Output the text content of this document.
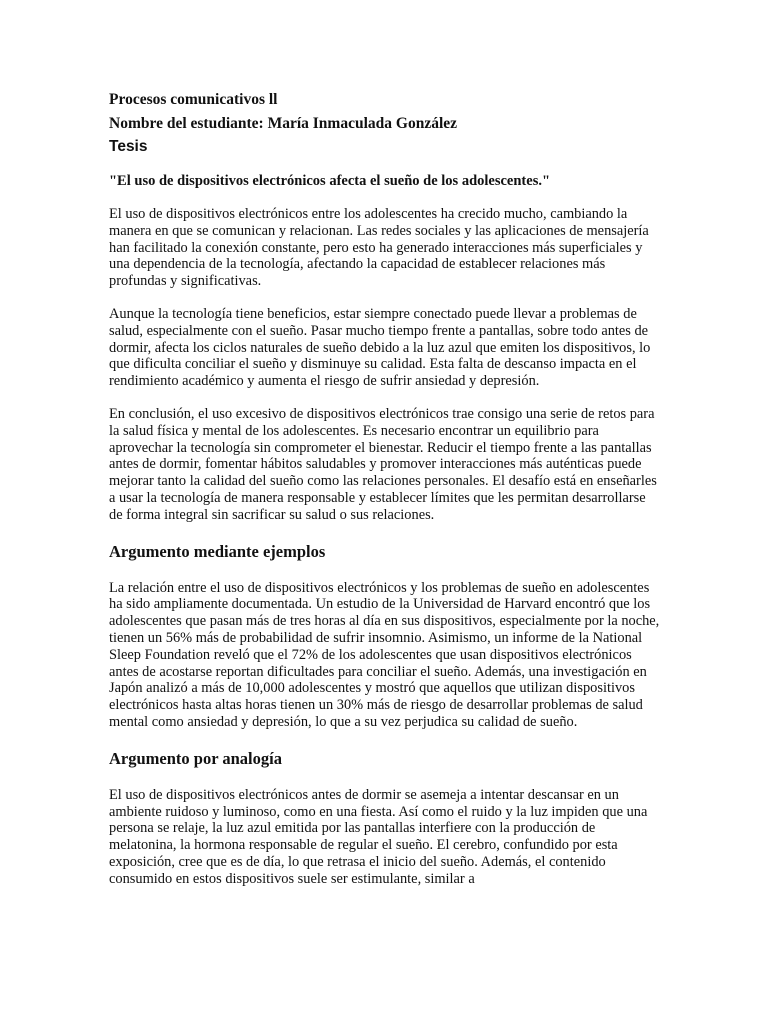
Procesos comunicativos ll
Nombre del estudiante: María Inmaculada González
Tesis
"El uso de dispositivos electrónicos afecta el sueño de los adolescentes."

El uso de dispositivos electrónicos entre los adolescentes ha crecido mucho, cambiando la manera en que se comunican y relacionan. Las redes sociales y las aplicaciones de mensajería han facilitado la conexión constante, pero esto ha generado interacciones más superficiales y una dependencia de la tecnología, afectando la capacidad de establecer relaciones más profundas y significativas.

Aunque la tecnología tiene beneficios, estar siempre conectado puede llevar a problemas de salud, especialmente con el sueño. Pasar mucho tiempo frente a pantallas, sobre todo antes de dormir, afecta los ciclos naturales de sueño debido a la luz azul que emiten los dispositivos, lo que dificulta conciliar el sueño y disminuye su calidad. Esta falta de descanso impacta en el rendimiento académico y aumenta el riesgo de sufrir ansiedad y depresión.

En conclusión, el uso excesivo de dispositivos electrónicos trae consigo una serie de retos para la salud física y mental de los adolescentes. Es necesario encontrar un equilibrio para aprovechar la tecnología sin comprometer el bienestar. Reducir el tiempo frente a las pantallas antes de dormir, fomentar hábitos saludables y promover interacciones más auténticas puede mejorar tanto la calidad del sueño como las relaciones personales. El desafío está en enseñarles a usar la tecnología de manera responsable y establecer límites que les permitan desarrollarse de forma integral sin sacrificar su salud o sus relaciones.

Argumento mediante ejemplos

La relación entre el uso de dispositivos electrónicos y los problemas de sueño en adolescentes ha sido ampliamente documentada. Un estudio de la Universidad de Harvard encontró que los adolescentes que pasan más de tres horas al día en sus dispositivos, especialmente por la noche, tienen un 56% más de probabilidad de sufrir insomnio. Asimismo, un informe de la National Sleep Foundation reveló que el 72% de los adolescentes que usan dispositivos electrónicos antes de acostarse reportan dificultades para conciliar el sueño. Además, una investigación en Japón analizó a más de 10,000 adolescentes y mostró que aquellos que utilizan dispositivos electrónicos hasta altas horas tienen un 30% más de riesgo de desarrollar problemas de salud mental como ansiedad y depresión, lo que a su vez perjudica su calidad de sueño.

Argumento por analogía

El uso de dispositivos electrónicos antes de dormir se asemeja a intentar descansar en un ambiente ruidoso y luminoso, como en una fiesta. Así como el ruido y la luz impiden que una persona se relaje, la luz azul emitida por las pantallas interfiere con la producción de melatonina, la hormona responsable de regular el sueño. El cerebro, confundido por esta exposición, cree que es de día, lo que retrasa el inicio del sueño. Además, el contenido consumido en estos dispositivos suele ser estimulante, similar a
